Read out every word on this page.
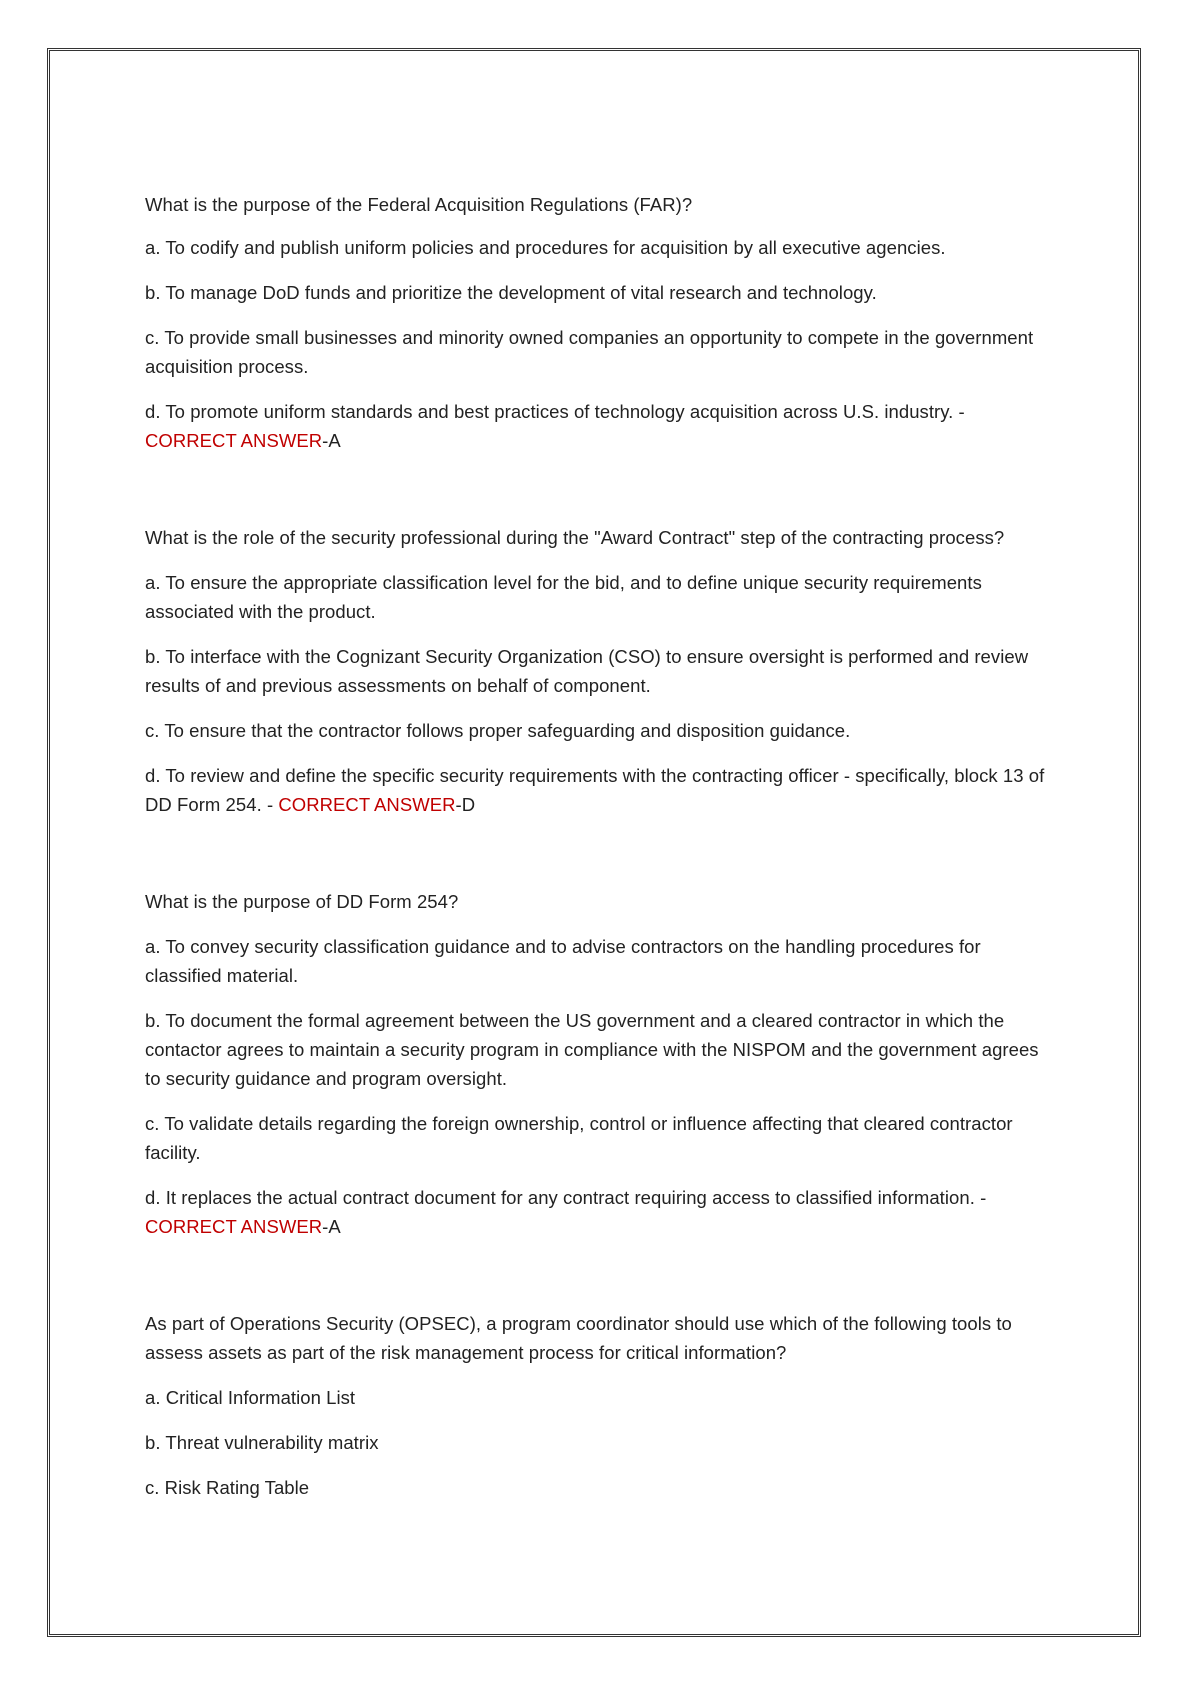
What is the purpose of the Federal Acquisition Regulations (FAR)?

a. To codify and publish uniform policies and procedures for acquisition by all executive agencies.

b. To manage DoD funds and prioritize the development of vital research and technology.

c. To provide small businesses and minority owned companies an opportunity to compete in the government acquisition process.

d. To promote uniform standards and best practices of technology acquisition across U.S. industry. - CORRECT ANSWER-A

What is the role of the security professional during the "Award Contract" step of the contracting process?

a. To ensure the appropriate classification level for the bid, and to define unique security requirements associated with the product.

b. To interface with the Cognizant Security Organization (CSO) to ensure oversight is performed and review results of and previous assessments on behalf of component.

c. To ensure that the contractor follows proper safeguarding and disposition guidance.

d. To review and define the specific security requirements with the contracting officer - specifically, block 13 of DD Form 254. - CORRECT ANSWER-D

What is the purpose of DD Form 254?

a. To convey security classification guidance and to advise contractors on the handling procedures for classified material.

b. To document the formal agreement between the US government and a cleared contractor in which the contactor agrees to maintain a security program in compliance with the NISPOM and the government agrees to security guidance and program oversight.

c. To validate details regarding the foreign ownership, control or influence affecting that cleared contractor facility.

d. It replaces the actual contract document for any contract requiring access to classified information. - CORRECT ANSWER-A

As part of Operations Security (OPSEC), a program coordinator should use which of the following tools to assess assets as part of the risk management process for critical information?

a. Critical Information List

b. Threat vulnerability matrix

c. Risk Rating Table
